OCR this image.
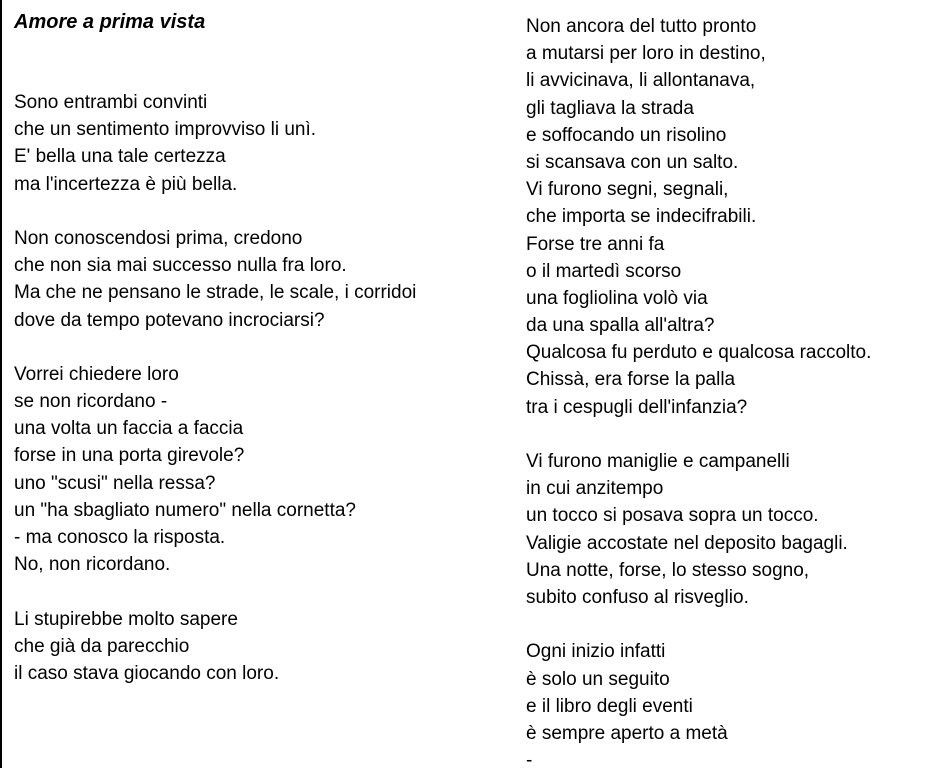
Amore a prima vista
Sono entrambi convinti
che un sentimento improvviso li unì.
E' bella una tale certezza
ma l'incertezza è più bella.
Non conoscendosi prima, credono
che non sia mai successo nulla fra loro.
Ma che ne pensano le strade, le scale, i corridoi
dove da tempo potevano incrociarsi?
Vorrei chiedere loro
se non ricordano -
una volta un faccia a faccia
forse in una porta girevole?
uno "scusi" nella ressa?
un "ha sbagliato numero" nella cornetta?
- ma conosco la risposta.
No, non ricordano.
Li stupirebbe molto sapere
che già da parecchio
il caso stava giocando con loro.
Non ancora del tutto pronto
a mutarsi per loro in destino,
li avvicinava, li allontanava,
gli tagliava la strada
e soffocando un risolino
si scansava con un salto.
Vi furono segni, segnali,
che importa se indecifrabili.
Forse tre anni fa
o il martedì scorso
una fogliolina volò via
da una spalla all'altra?
Qualcosa fu perduto e qualcosa raccolto.
Chissà, era forse la palla
tra i cespugli dell'infanzia?
Vi furono maniglie e campanelli
in cui anzitempo
un tocco si posava sopra un tocco.
Valigie accostate nel deposito bagagli.
Una notte, forse, lo stesso sogno,
subito confuso al risveglio.
Ogni inizio infatti
è solo un seguito
e il libro degli eventi
è sempre aperto a metà
-
